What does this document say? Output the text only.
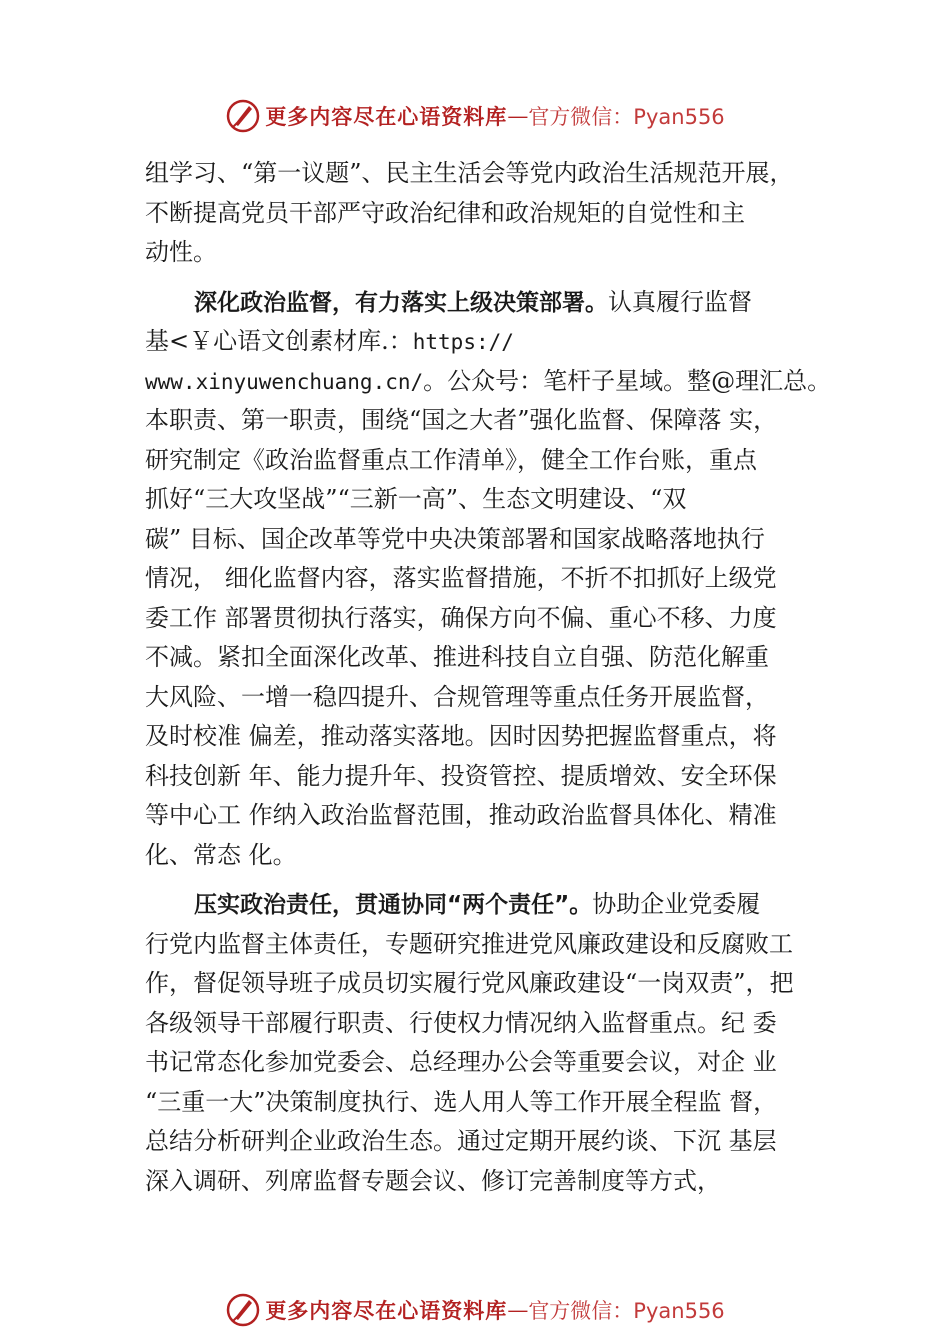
更多内容尽在心语资料库 — 官方微信：Pyan556
组学习、“第一议题”、民主生活会等党内政治生活规范开展，
不断提高党员干部严守政治纪律和政治规矩的自觉性和主
动性。
深化政治监督，有力落实上级决策部署。认真履行监督
基<￥心语文创素材库.：https://
www.xinyuwenchuang.cn/。公众号：笔杆子星域。整@理汇总。
本职责、第一职责，围绕“国之大者”强化监督、保障落 实，
研究制定《政治监督重点工作清单》，健全工作台账，重点
抓好“三大攻坚战”“三新一高”、生态文明建设、“双
碳” 目标、国企改革等党中央决策部署和国家战略落地执行
情况， 细化监督内容，落实监督措施，不折不扣抓好上级党
委工作 部署贯彻执行落实，确保方向不偏、重心不移、力度
不减。紧扣全面深化改革、推进科技自立自强、防范化解重
大风险、一增一稳四提升、合规管理等重点任务开展监督，
及时校准 偏差，推动落实落地。因时因势把握监督重点，将
科技创新 年、能力提升年、投资管控、提质增效、安全环保
等中心工 作纳入政治监督范围，推动政治监督具体化、精准
化、常态 化。
压实政治责任，贯通协同“两个责任”。协助企业党委履
行党内监督主体责任，专题研究推进党风廉政建设和反腐败工
作，督促领导班子成员切实履行党风廉政建设“一岗双责”，把
各级领导干部履行职责、行使权力情况纳入监督重点。纪 委
书记常态化参加党委会、总经理办公会等重要会议，对企 业
“三重一大”决策制度执行、选人用人等工作开展全程监 督，
总结分析研判企业政治生态。通过定期开展约谈、下沉 基层
深入调研、列席监督专题会议、修订完善制度等方式，
更多内容尽在心语资料库 — 官方微信：Pyan556
